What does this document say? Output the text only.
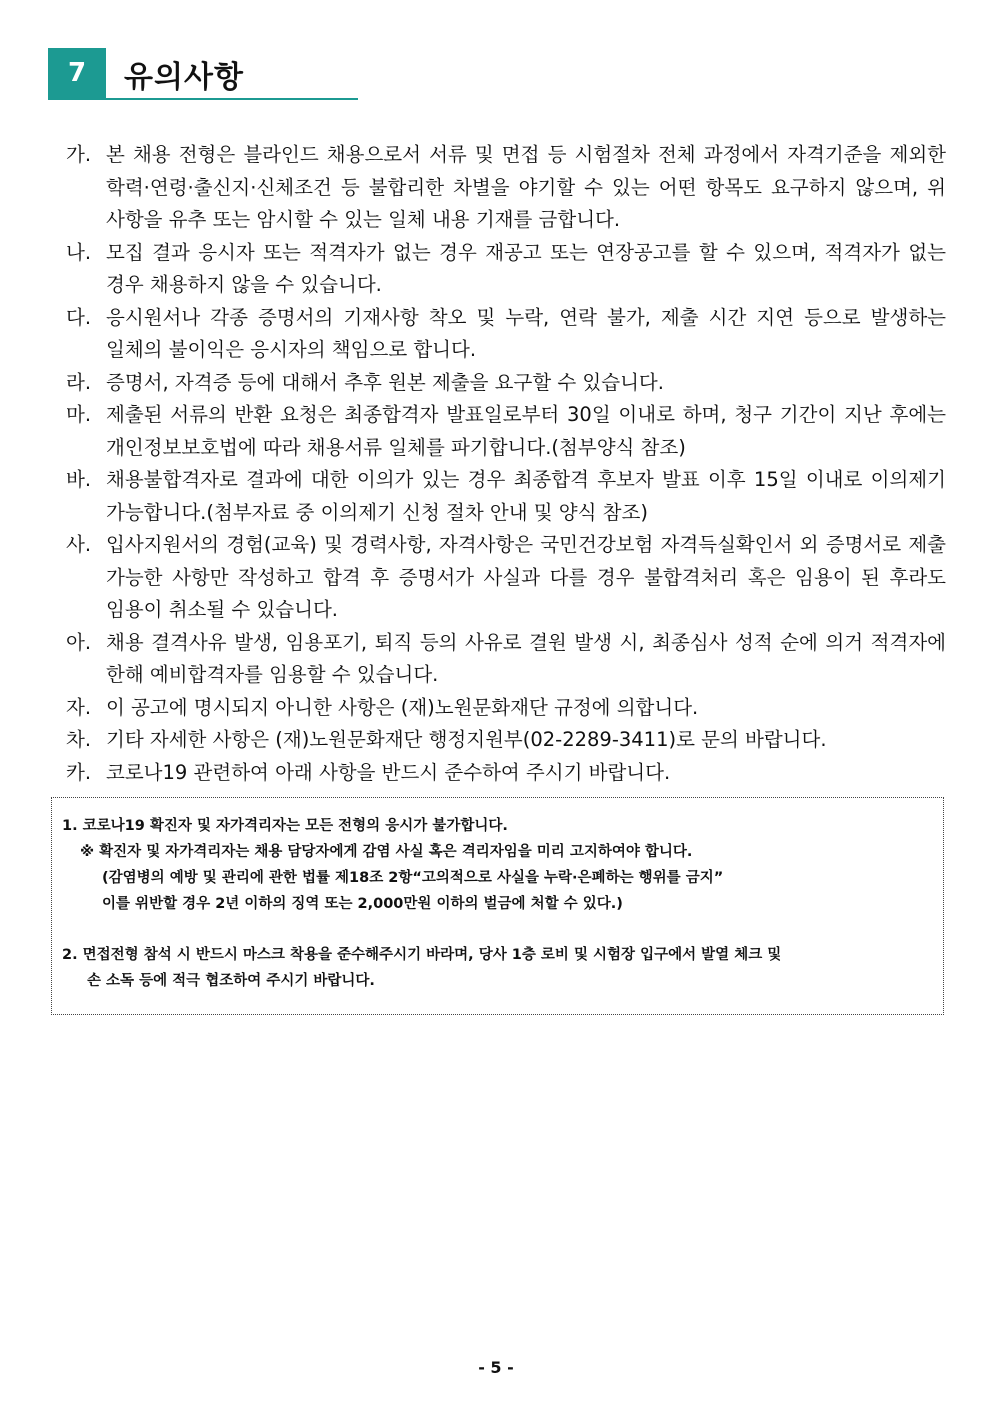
7	유의사항
가. 본 채용 전형은 블라인드 채용으로서 서류 및 면접 등 시험절차 전체 과정에서 자격기준을 제외한 학력·연령·출신지·신체조건 등 불합리한 차별을 야기할 수 있는 어떤 항목도 요구하지 않으며, 위 사항을 유추 또는 암시할 수 있는 일체 내용 기재를 금합니다.
나. 모집 결과 응시자 또는 적격자가 없는 경우 재공고 또는 연장공고를 할 수 있으며, 적격자가 없는 경우 채용하지 않을 수 있습니다.
다. 응시원서나 각종 증명서의 기재사항 착오 및 누락, 연락 불가, 제출 시간 지연 등으로 발생하는 일체의 불이익은 응시자의 책임으로 합니다.
라. 증명서, 자격증 등에 대해서 추후 원본 제출을 요구할 수 있습니다.
마. 제출된 서류의 반환 요청은 최종합격자 발표일로부터 30일 이내로 하며, 청구 기간이 지난 후에는 개인정보보호법에 따라 채용서류 일체를 파기합니다.(첨부양식 참조)
바. 채용불합격자로 결과에 대한 이의가 있는 경우 최종합격 후보자 발표 이후 15일 이내로 이의제기 가능합니다.(첨부자료 중 이의제기 신청 절차 안내 및 양식 참조)
사. 입사지원서의 경험(교육) 및 경력사항, 자격사항은 국민건강보험 자격득실확인서 외 증명서로 제출 가능한 사항만 작성하고 합격 후 증명서가 사실과 다를 경우 불합격처리 혹은 임용이 된 후라도 임용이 취소될 수 있습니다.
아. 채용 결격사유 발생, 임용포기, 퇴직 등의 사유로 결원 발생 시, 최종심사 성적 순에 의거 적격자에 한해 예비합격자를 임용할 수 있습니다.
자. 이 공고에 명시되지 아니한 사항은 (재)노원문화재단 규정에 의합니다.
차. 기타 자세한 사항은 (재)노원문화재단 행정지원부(02-2289-3411)로 문의 바랍니다.
카. 코로나19 관련하여 아래 사항을 반드시 준수하여 주시기 바랍니다.

1. 코로나19 확진자 및 자가격리자는 모든 전형의 응시가 불가합니다.

※ 확진자 및 자가격리자는 채용 담당자에게 감염 사실 혹은 격리자임을 미리 고지하여야 합니다.

(감염병의 예방 및 관리에 관한 법률 제18조 2항“고의적으로 사실을 누락·은폐하는 행위를 금지”

이를 위반할 경우 2년 이하의 징역 또는 2,000만원 이하의 벌금에 처할 수 있다.)

2. 면접전형 참석 시 반드시 마스크 착용을 준수해주시기 바라며, 당사 1층 로비 및 시험장 입구에서 발열 체크 및

손 소독 등에 적극 협조하여 주시기 바랍니다.

- 5 -
